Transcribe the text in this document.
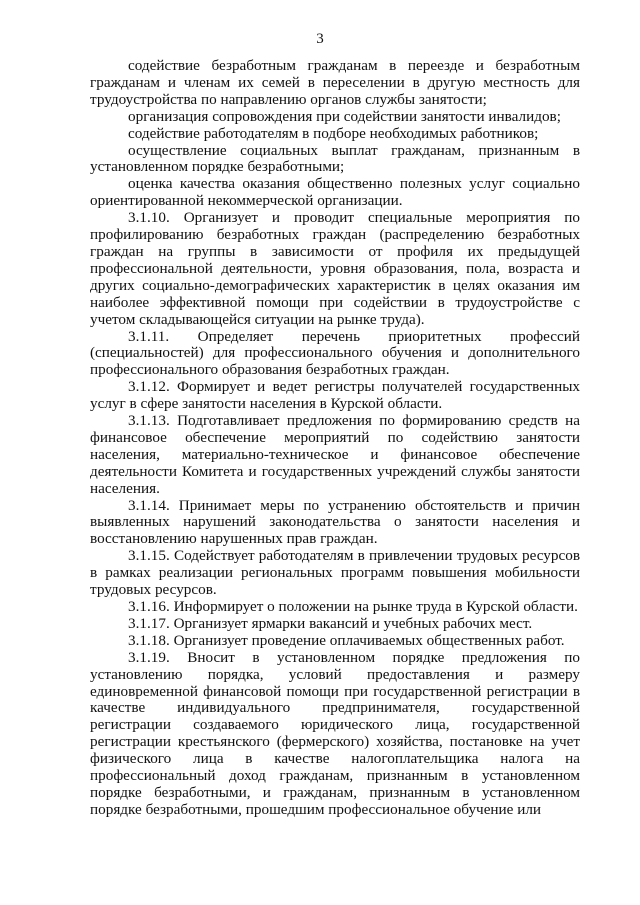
3

содействие безработным гражданам в переезде и безработным гражданам и членам их семей в переселении в другую местность для трудоустройства по направлению органов службы занятости;

организация сопровождения при содействии занятости инвалидов;

содействие работодателям в подборе необходимых работников;

осуществление социальных выплат гражданам, признанным в установленном порядке безработными;

оценка качества оказания общественно полезных услуг социально ориентированной некоммерческой организации.

3.1.10. Организует и проводит специальные мероприятия по профилированию безработных граждан (распределению безработных граждан на группы в зависимости от профиля их предыдущей профессиональной деятельности, уровня образования, пола, возраста и других социально-демографических характеристик в целях оказания им наиболее эффективной помощи при содействии в трудоустройстве с учетом складывающейся ситуации на рынке труда).

3.1.11. Определяет перечень приоритетных профессий (специальностей) для профессионального обучения и дополнительного профессионального образования безработных граждан.

3.1.12. Формирует и ведет регистры получателей государственных услуг в сфере занятости населения в Курской области.

3.1.13. Подготавливает предложения по формированию средств на финансовое обеспечение мероприятий по содействию занятости населения, материально-техническое и финансовое обеспечение деятельности Комитета и государственных учреждений службы занятости населения.

3.1.14. Принимает меры по устранению обстоятельств и причин выявленных нарушений законодательства о занятости населения и восстановлению нарушенных прав граждан.

3.1.15. Содействует работодателям в привлечении трудовых ресурсов в рамках реализации региональных программ повышения мобильности трудовых ресурсов.

3.1.16. Информирует о положении на рынке труда в Курской области.

3.1.17. Организует ярмарки вакансий и учебных рабочих мест.

3.1.18. Организует проведение оплачиваемых общественных работ.

3.1.19. Вносит в установленном порядке предложения по установлению порядка, условий предоставления и размеру единовременной финансовой помощи при государственной регистрации в качестве индивидуального предпринимателя, государственной регистрации создаваемого юридического лица, государственной регистрации крестьянского (фермерского) хозяйства, постановке на учет физического лица в качестве налогоплательщика налога на профессиональный доход гражданам, признанным в установленном порядке безработными, и гражданам, признанным в установленном порядке безработными, прошедшим профессиональное обучение или
